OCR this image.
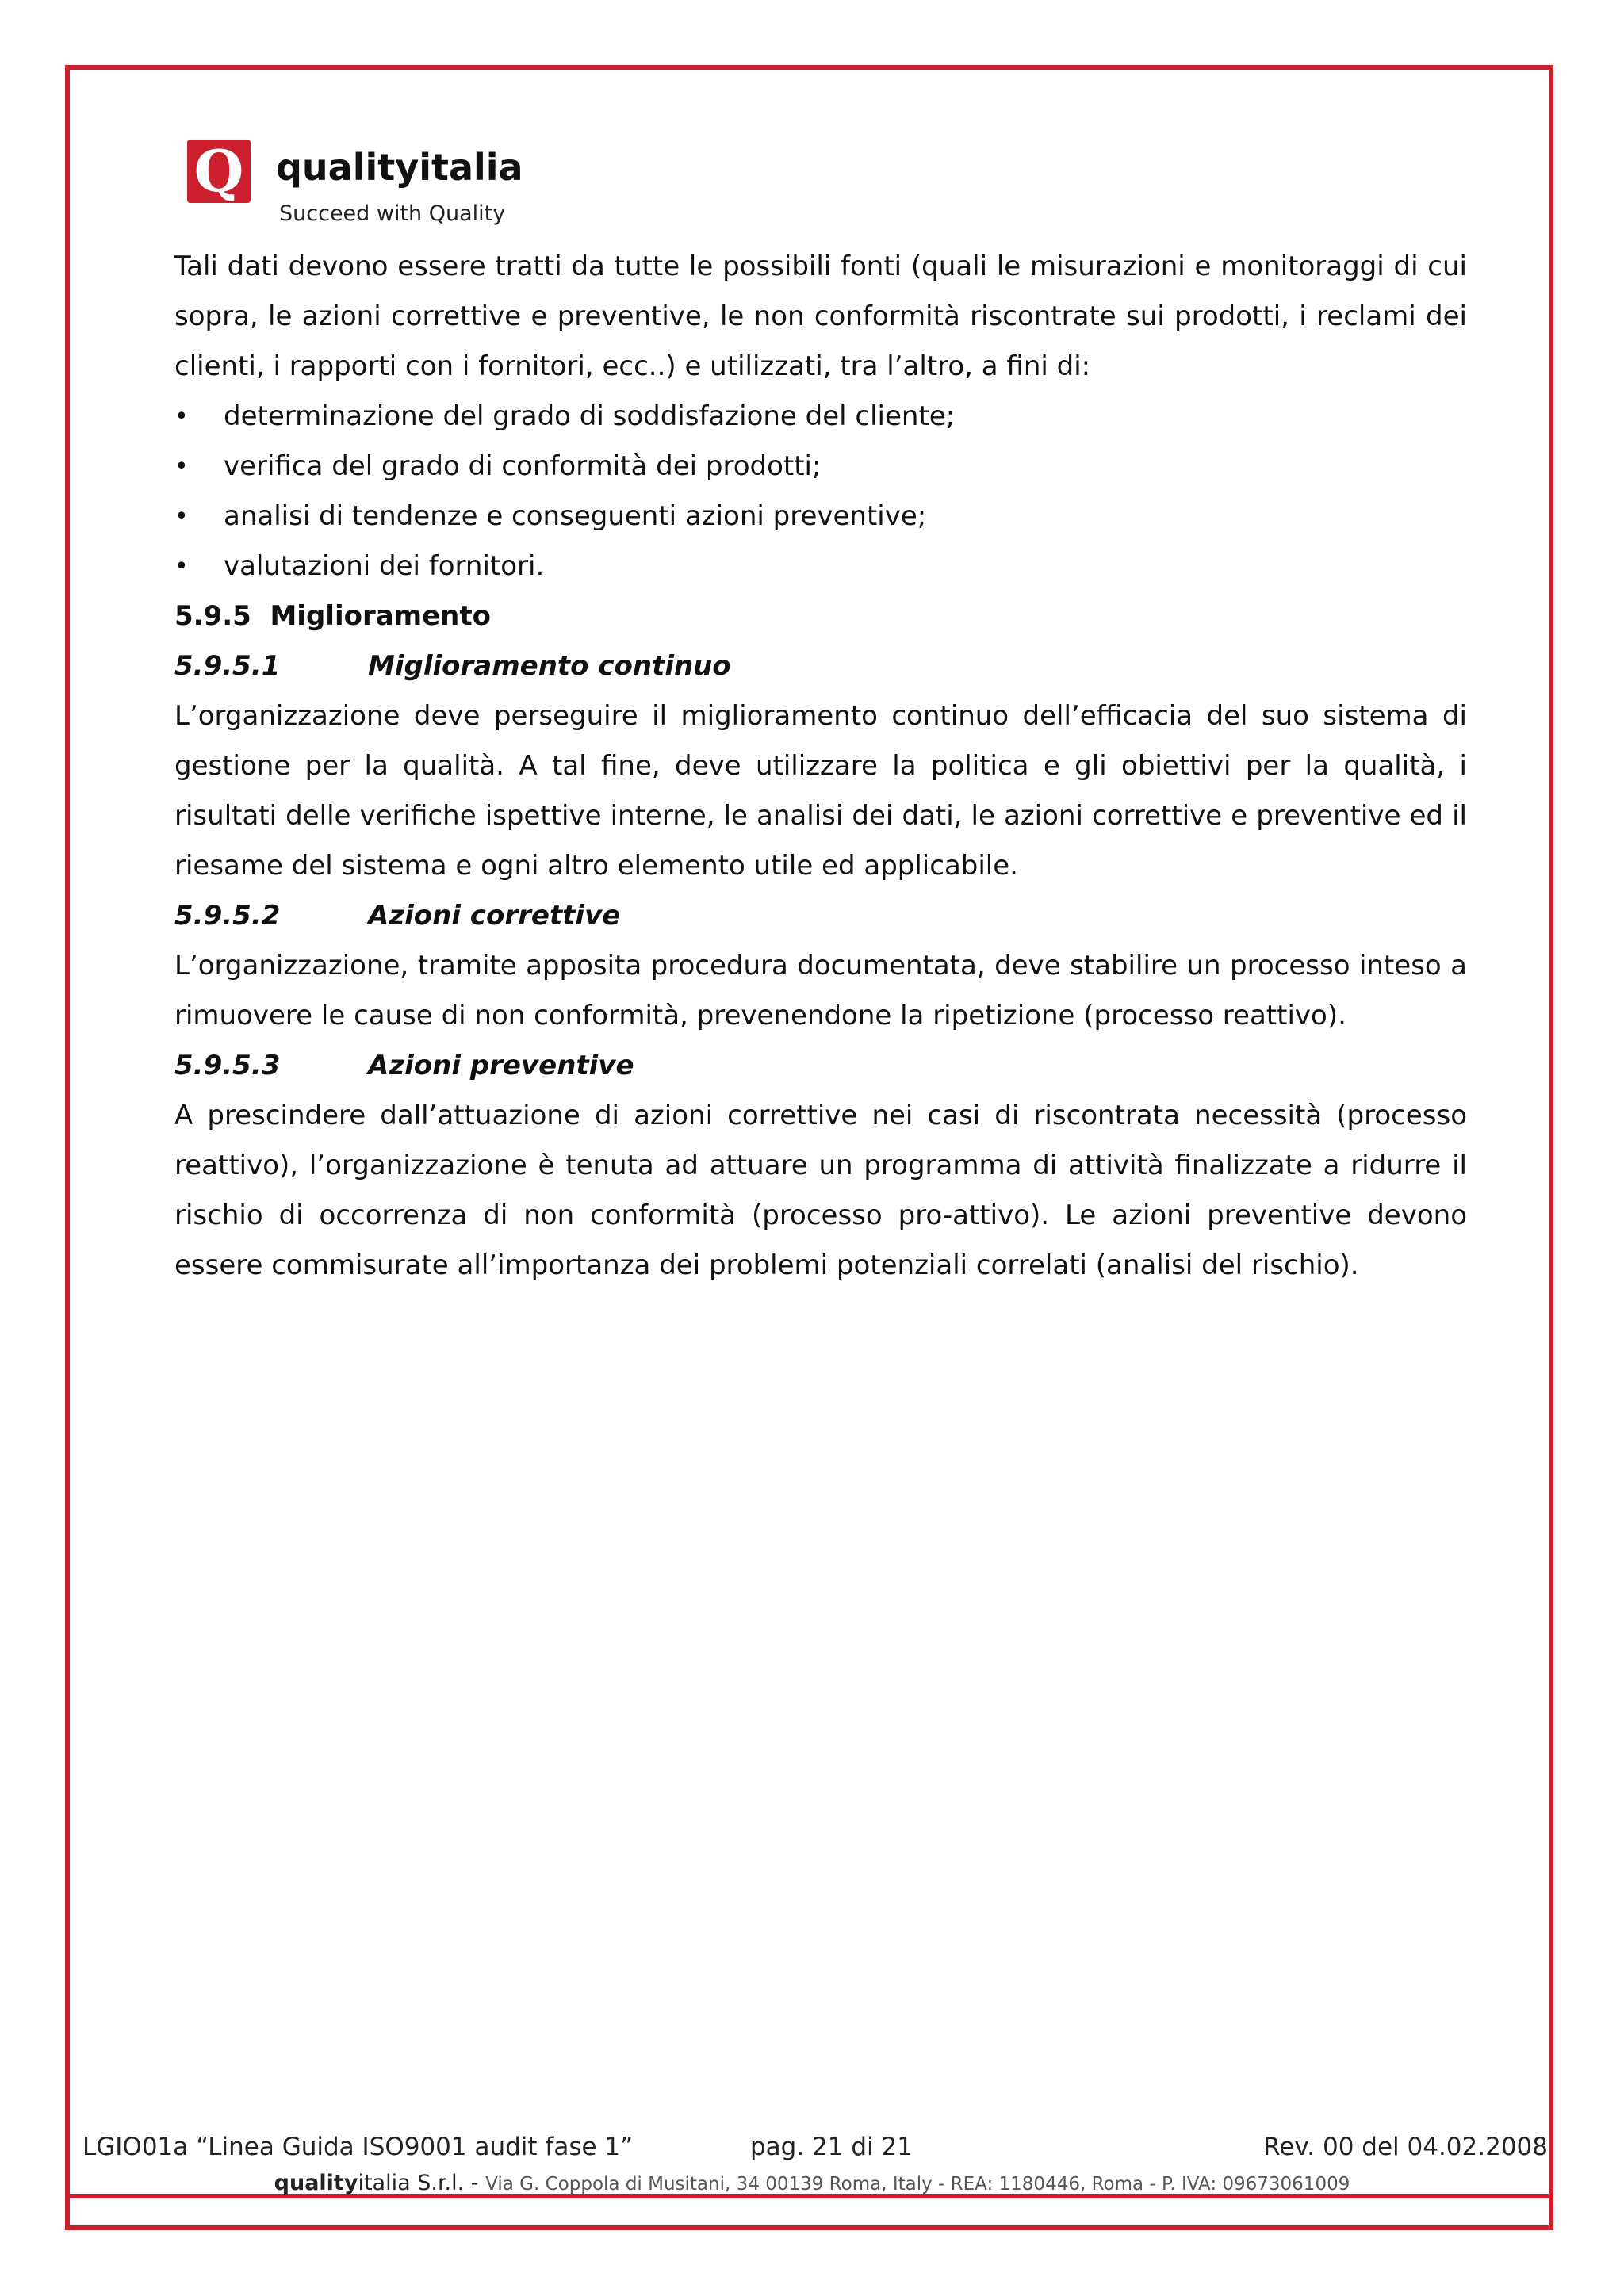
Q qualityitalia
Succeed with Quality

Tali dati devono essere tratti da tutte le possibili fonti (quali le misurazioni e monitoraggi di cui sopra, le azioni correttive e preventive, le non conformità riscontrate sui prodotti, i reclami dei clienti, i rapporti con i fornitori, ecc..) e utilizzati, tra l’altro, a fini di:

• determinazione del grado di soddisfazione del cliente;
• verifica del grado di conformità dei prodotti;
• analisi di tendenze e conseguenti azioni preventive;
• valutazioni dei fornitori.
5.9.5  Miglioramento
5.9.5.1	Miglioramento continuo

L’organizzazione deve perseguire il miglioramento continuo dell’efficacia del suo sistema di gestione per la qualità. A tal fine, deve utilizzare la politica e gli obiettivi per la qualità, i risultati delle verifiche ispettive interne, le analisi dei dati, le azioni correttive e preventive ed il riesame del sistema e ogni altro elemento utile ed applicabile.

5.9.5.2	Azioni correttive

L’organizzazione, tramite apposita procedura documentata, deve stabilire un processo inteso a rimuovere le cause di non conformità, prevenendone la ripetizione (processo reattivo).

5.9.5.3	Azioni preventive

A prescindere dall’attuazione di azioni correttive nei casi di riscontrata necessità (processo reattivo), l’organizzazione è tenuta ad attuare un programma di attività finalizzate a ridurre il rischio di occorrenza di non conformità (processo pro-attivo). Le azioni preventive devono essere commisurate all’importanza dei problemi potenziali correlati (analisi del rischio).

LGIO01a “Linea Guida ISO9001 audit fase 1”	pag. 21 di 21	Rev. 00 del 04.02.2008
qualityitalia S.r.l. - Via G. Coppola di Musitani, 34 00139 Roma, Italy - REA: 1180446, Roma - P. IVA: 09673061009
